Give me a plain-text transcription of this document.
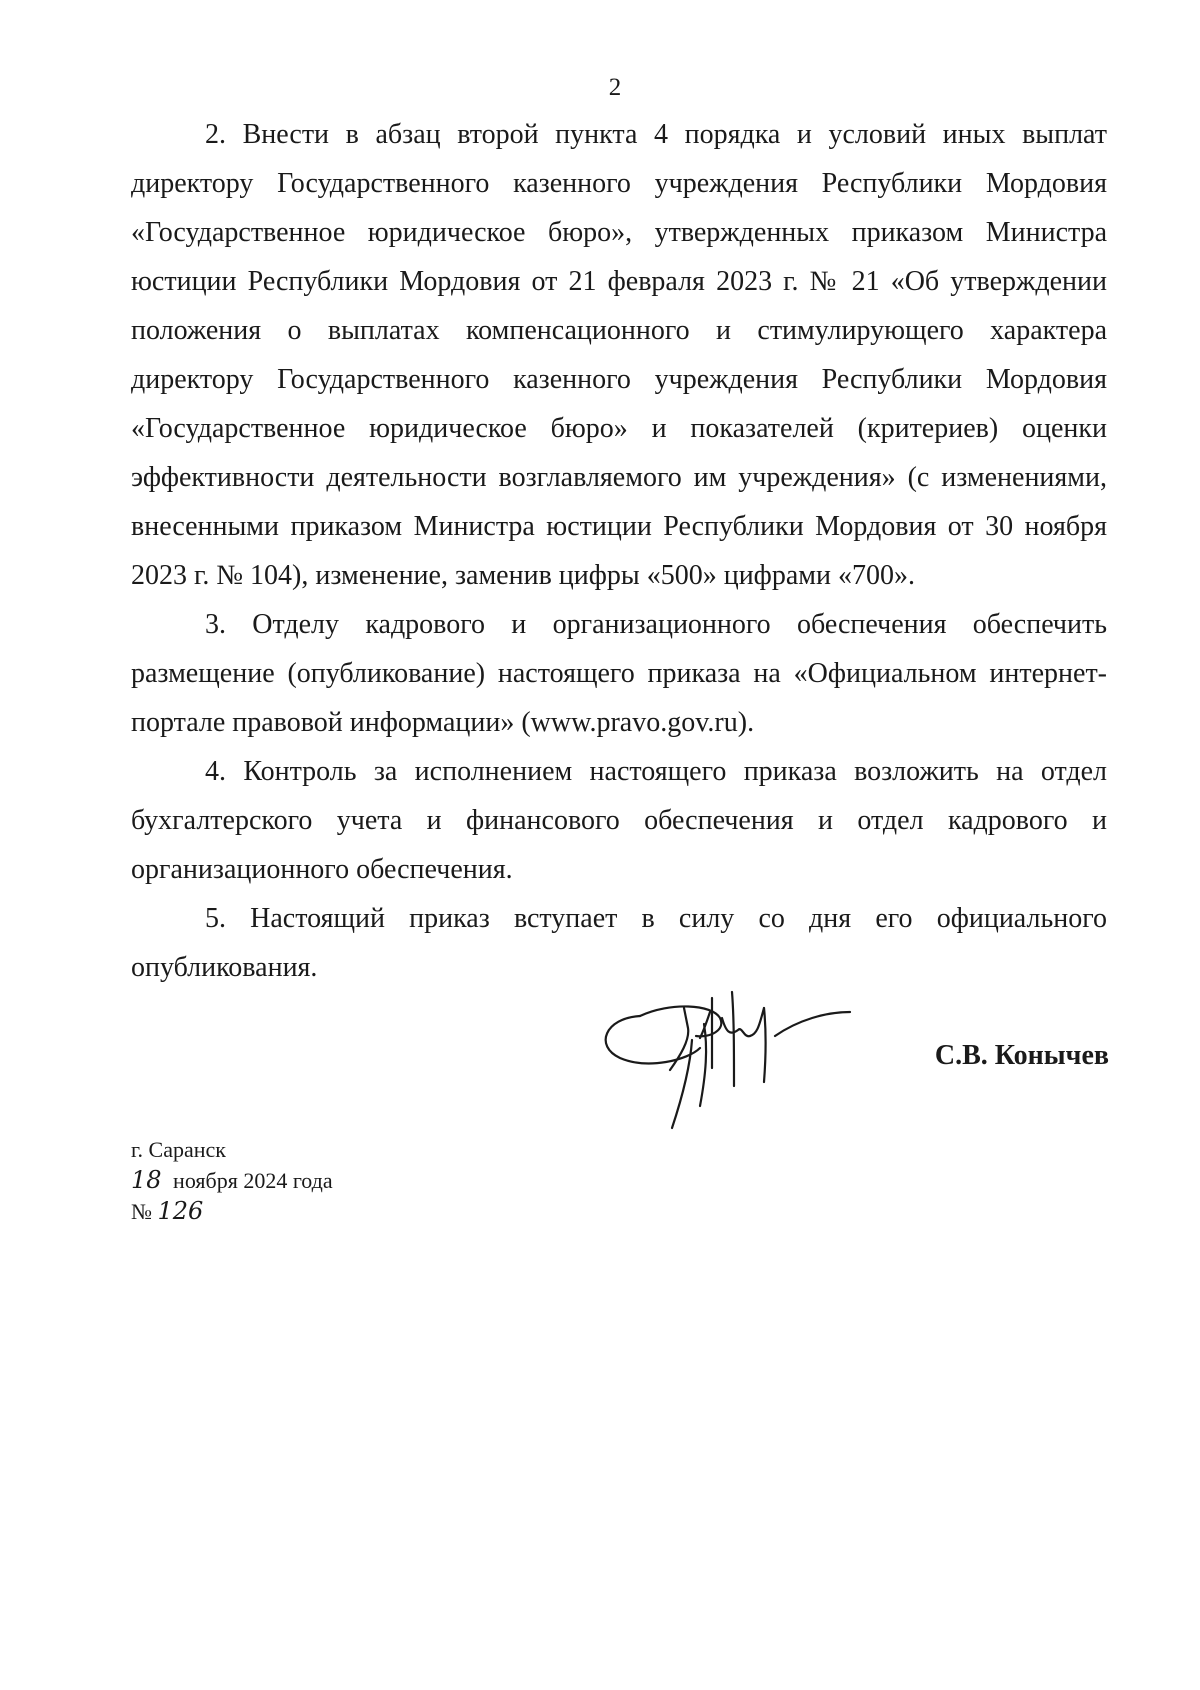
2

2. Внести в абзац второй пункта 4 порядка и условий иных выплат директору Государственного казенного учреждения Республики Мордовия «Государственное юридическое бюро», утвержденных приказом Министра юстиции Республики Мордовия от 21 февраля 2023 г. № 21 «Об утверждении положения о выплатах компенсационного и стимулирующего характера директору Государственного казенного учреждения Республики Мордовия «Государственное юридическое бюро» и показателей (критериев) оценки эффективности деятельности возглавляемого им учреждения» (с изменениями, внесенными приказом Министра юстиции Республики Мордовия от 30 ноября 2023 г. № 104), изменение, заменив цифры «500» цифрами «700».

3. Отделу кадрового и организационного обеспечения обеспечить размещение (опубликование) настоящего приказа на «Официальном интернет-портале правовой информации» (www.pravo.gov.ru).

4. Контроль за исполнением настоящего приказа возложить на отдел бухгалтерского учета и финансового обеспечения и отдел кадрового и организационного обеспечения.

5. Настоящий приказ вступает в силу со дня его официального опубликования.

С.В. Конычев
г. Саранск
18 ноября 2024 года
№ 126
